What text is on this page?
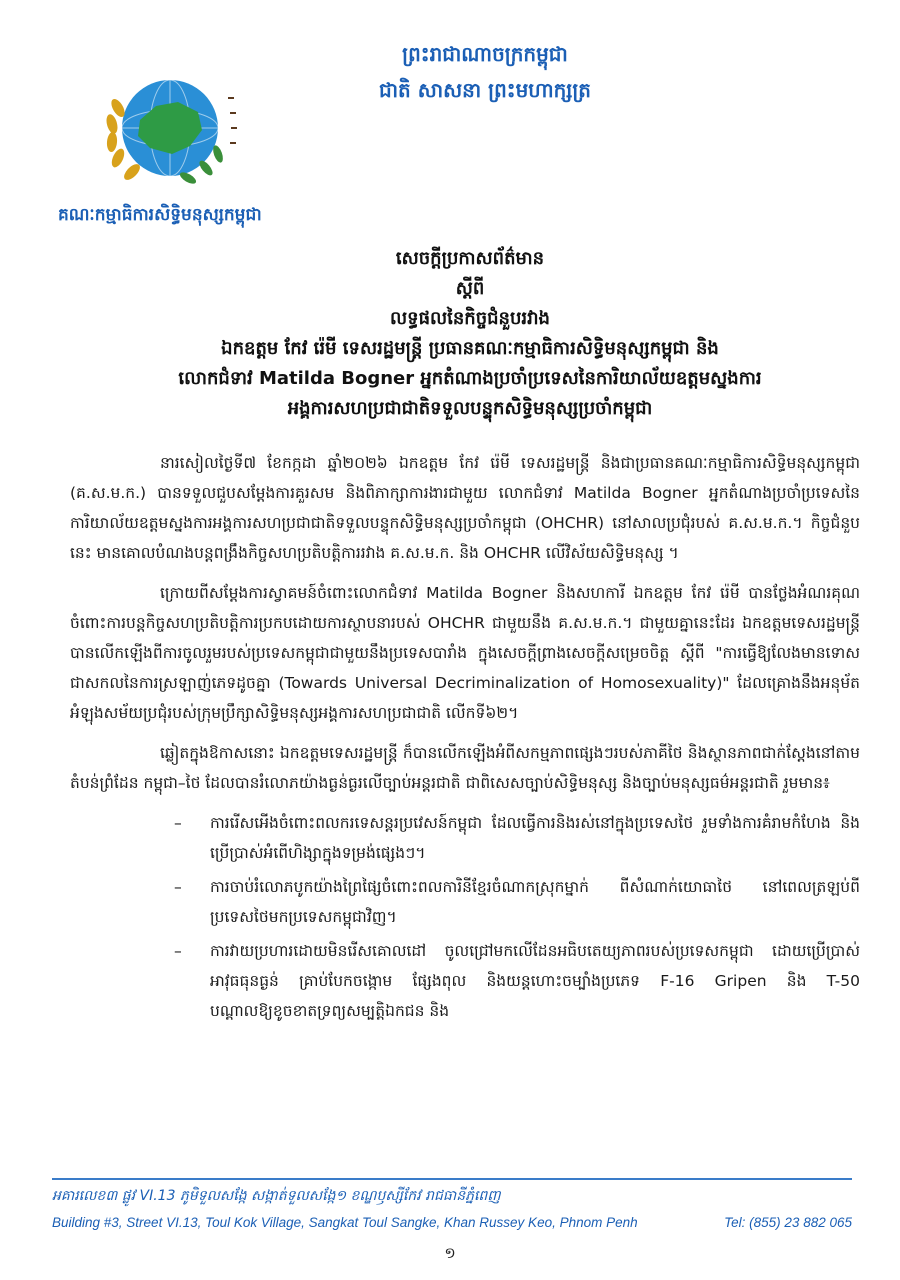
គណៈកម្មាធិការសិទ្ធិមនុស្សកម្ពុជា
ព្រះរាជាណាចក្រកម្ពុជា
ជាតិ សាសនា ព្រះមហាក្សត្រ
សេចក្ដីប្រកាសព័ត៌មាន
ស្ដីពី
លទ្ធផលនៃកិច្ចជំនួបរវាង
ឯកឧត្ដម កែវ រ៉េមី ទេសរដ្ឋមន្ត្រី ប្រធានគណៈកម្មាធិការសិទ្ធិមនុស្សកម្ពុជា និង
លោកជំទាវ Matilda Bogner អ្នកតំណាងប្រចាំប្រទេសនៃការិយាល័យឧត្ដមស្នងការ
អង្គការសហប្រជាជាតិទទួលបន្ទុកសិទ្ធិមនុស្សប្រចាំកម្ពុជា

នារសៀលថ្ងៃទី៧ ខែកក្កដា ឆ្នាំ២០២៦ ឯកឧត្ដម កែវ រ៉េមី ទេសរដ្ឋមន្ត្រី និងជាប្រធានគណៈកម្មាធិការសិទ្ធិមនុស្សកម្ពុជា (គ.ស.ម.ក.) បានទទួលជួបសម្ដែងការគួរសម និងពិភាក្សាការងារជាមួយ លោកជំទាវ Matilda Bogner អ្នកតំណាងប្រចាំប្រទេសនៃការិយាល័យឧត្ដមស្នងការអង្គការសហប្រជាជាតិទទួលបន្ទុកសិទ្ធិមនុស្សប្រចាំកម្ពុជា (OHCHR) នៅសាលប្រជុំរបស់ គ.ស.ម.ក.។ កិច្ចជំនួបនេះ មានគោលបំណងបន្តពង្រឹងកិច្ចសហប្រតិបត្តិការរវាង គ.ស.ម.ក. និង OHCHR លើវិស័យសិទ្ធិមនុស្ស ។

ក្រោយពីសម្ដែងការស្វាគមន៍ចំពោះលោកជំទាវ Matilda Bogner និងសហការី ឯកឧត្ដម កែវ រ៉េមី បានថ្លែងអំណរគុណចំពោះការបន្តកិច្ចសហប្រតិបត្តិការប្រកបដោយការស្ថាបនារបស់ OHCHR ជាមួយនឹង គ.ស.ម.ក.។ ជាមួយគ្នានេះដែរ ឯកឧត្ដមទេសរដ្ឋមន្ត្រី បានលើកឡើងពីការចូលរួមរបស់ប្រទេសកម្ពុជាជាមួយនឹងប្រទេសបារាំង ក្នុងសេចក្ដីព្រាងសេចក្ដីសម្រេចចិត្ត ស្ដីពី "ការធ្វើឱ្យលែងមានទោសជាសកលនៃការស្រឡាញ់ភេទដូចគ្នា (Towards Universal Decriminalization of Homosexuality)" ដែលគ្រោងនឹងអនុម័តអំឡុងសម័យប្រជុំរបស់ក្រុមប្រឹក្សាសិទ្ធិមនុស្សអង្គការសហប្រជាជាតិ លើកទី៦២។

ឆ្លៀតក្នុងឱកាសនោះ ឯកឧត្ដមទេសរដ្ឋមន្ត្រី ក៏បានលើកឡើងអំពីសកម្មភាពផ្សេងៗរបស់ភាគីថៃ និងស្ថានភាពជាក់ស្ដែងនៅតាមតំបន់ព្រំដែន កម្ពុជា–ថៃ ដែលបានរំលោភយ៉ាងធ្ងន់ធ្ងរលើច្បាប់អន្តរជាតិ ជាពិសេសច្បាប់សិទ្ធិមនុស្ស និងច្បាប់មនុស្សធម៌អន្តរជាតិ រួមមាន៖

– ការរើសអើងចំពោះពលករទេសន្តរប្រវេសន៍កម្ពុជា ដែលធ្វើការនិងរស់នៅក្នុងប្រទេសថៃ រួមទាំងការគំរាមកំហែង និងប្រើប្រាស់អំពើហិង្សាក្នុងទម្រង់ផ្សេងៗ។
– ការចាប់រំលោភបូកយ៉ាងព្រៃផ្សៃចំពោះពលការិនីខ្មែរចំណាកស្រុកម្នាក់ ពីសំណាក់យោធាថៃ នៅពេលត្រឡប់ពីប្រទេសថៃមកប្រទេសកម្ពុជាវិញ។
– ការវាយប្រហារដោយមិនរើសគោលដៅ ចូលជ្រៅមកលើដែនអធិបតេយ្យភាពរបស់ប្រទេសកម្ពុជា ដោយប្រើប្រាស់អាវុធធុនធ្ងន់ គ្រាប់បែកចង្កោម ផ្សែងពុល និងយន្តហោះចម្បាំងប្រភេទ F-16 Gripen និង T-50 បណ្ដាលឱ្យខូចខាតទ្រព្យសម្បត្តិឯកជន និង
អគារលេខ៣ ផ្លូវ VI.13 ភូមិទួលសង្កែ សង្កាត់ទួលសង្កែ១ ខណ្ឌឫស្សីកែវ រាជធានីភ្នំពេញ
Building #3, Street VI.13, Toul Kok Village, Sangkat Toul Sangke, Khan Russey Keo, Phnom Penh	Tel: (855) 23 882 065
១
